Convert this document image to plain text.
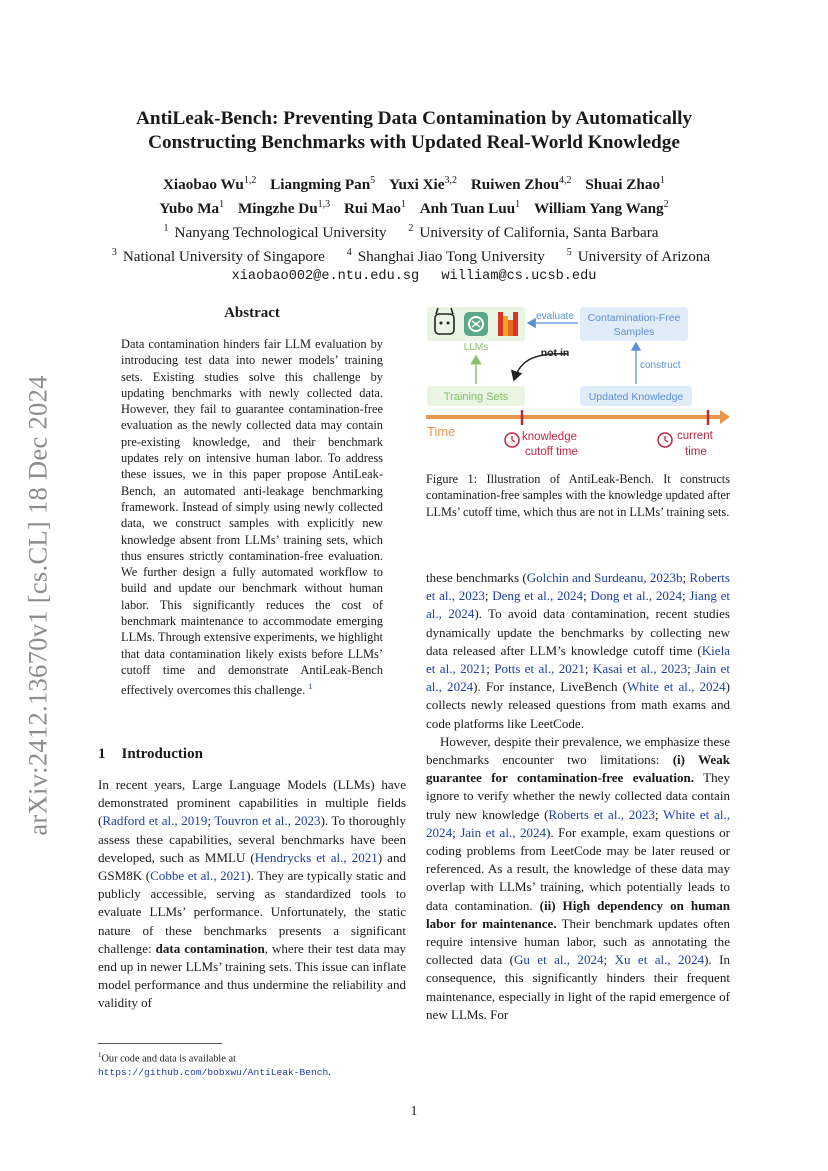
arXiv:2412.13670v1 [cs.CL] 18 Dec 2024
AntiLeak-Bench: Preventing Data Contamination by Automatically
Constructing Benchmarks with Updated Real-World Knowledge
Xiaobao Wu$^{1,2}$ Liangming Pan$^5$ Yuxi Xie$^{3,2}$ Ruiwen Zhou$^{4,2}$ Shuai Zhao$^1$
Yubo Ma$^1$ Mingzhe Du$^{1,3}$ Rui Mao$^1$ Anh Tuan Luu$^1$ William Yang Wang$^2$
$^1$ Nanyang Technological University $^2$ University of California, Santa Barbara
$^3$ National University of Singapore $^4$ Shanghai Jiao Tong University $^5$ University of Arizona
xiaobao002@e.ntu.edu.sg william@cs.ucsb.edu
Abstract
Data contamination hinders fair LLM evaluation by introducing test data into newer models’ training sets. Existing studies solve this challenge by updating benchmarks with newly collected data. However, they fail to guarantee contamination-free evaluation as the newly collected data may contain pre-existing knowledge, and their benchmark updates rely on intensive human labor. To address these issues, we in this paper propose AntiLeak-Bench, an automated anti-leakage benchmarking framework. Instead of simply using newly collected data, we construct samples with explicitly new knowledge absent from LLMs’ training sets, which thus ensures strictly contamination-free evaluation. We further design a fully automated workflow to build and update our benchmark without human labor. This significantly reduces the cost of benchmark maintenance to accommodate emerging LLMs. Through extensive experiments, we highlight that data contamination likely exists before LLMs’ cutoff time and demonstrate AntiLeak-Bench effectively overcomes this challenge. $^1$
1 Introduction
In recent years, Large Language Models (LLMs) have demonstrated prominent capabilities in multiple fields (Radford et al., 2019; Touvron et al., 2023). To thoroughly assess these capabilities, several benchmarks have been developed, such as MMLU (Hendrycks et al., 2021) and GSM8K (Cobbe et al., 2021). They are typically static and publicly accessible, serving as standardized tools to evaluate LLMs’ performance. Unfortunately, the static nature of these benchmarks presents a significant challenge: data contamination, where their test data may end up in newer LLMs’ training sets. This issue can inflate model performance and thus undermine the reliability and validity of
$^1$Our code and data is available at https://github.com/bobxwu/AntiLeak-Bench.
Contamination-Free
Samples
evaluate
LLMs	not in
construct
Training Sets	Updated Knowledge
Time	knowledge
cutoff time
current
time
Figure 1: Illustration of AntiLeak-Bench. It constructs contamination-free samples with the knowledge updated after LLMs’ cutoff time, which thus are not in LLMs’ training sets.

these benchmarks (Golchin and Surdeanu, 2023b; Roberts et al., 2023; Deng et al., 2024; Dong et al., 2024; Jiang et al., 2024). To avoid data contamination, recent studies dynamically update the benchmarks by collecting new data released after LLM’s knowledge cutoff time (Kiela et al., 2021; Potts et al., 2021; Kasai et al., 2023; Jain et al., 2024). For instance, LiveBench (White et al., 2024) collects newly released questions from math exams and code platforms like LeetCode.

However, despite their prevalence, we emphasize these benchmarks encounter two limitations: (i) Weak guarantee for contamination-free evaluation. They ignore to verify whether the newly collected data contain truly new knowledge (Roberts et al., 2023; White et al., 2024; Jain et al., 2024). For example, exam questions or coding problems from LeetCode may be later reused or referenced. As a result, the knowledge of these data may overlap with LLMs’ training, which potentially leads to data contamination. (ii) High dependency on human labor for maintenance. Their benchmark updates often require intensive human labor, such as annotating the collected data (Gu et al., 2024; Xu et al., 2024). In consequence, this significantly hinders their frequent maintenance, especially in light of the rapid emergence of new LLMs. For

1
